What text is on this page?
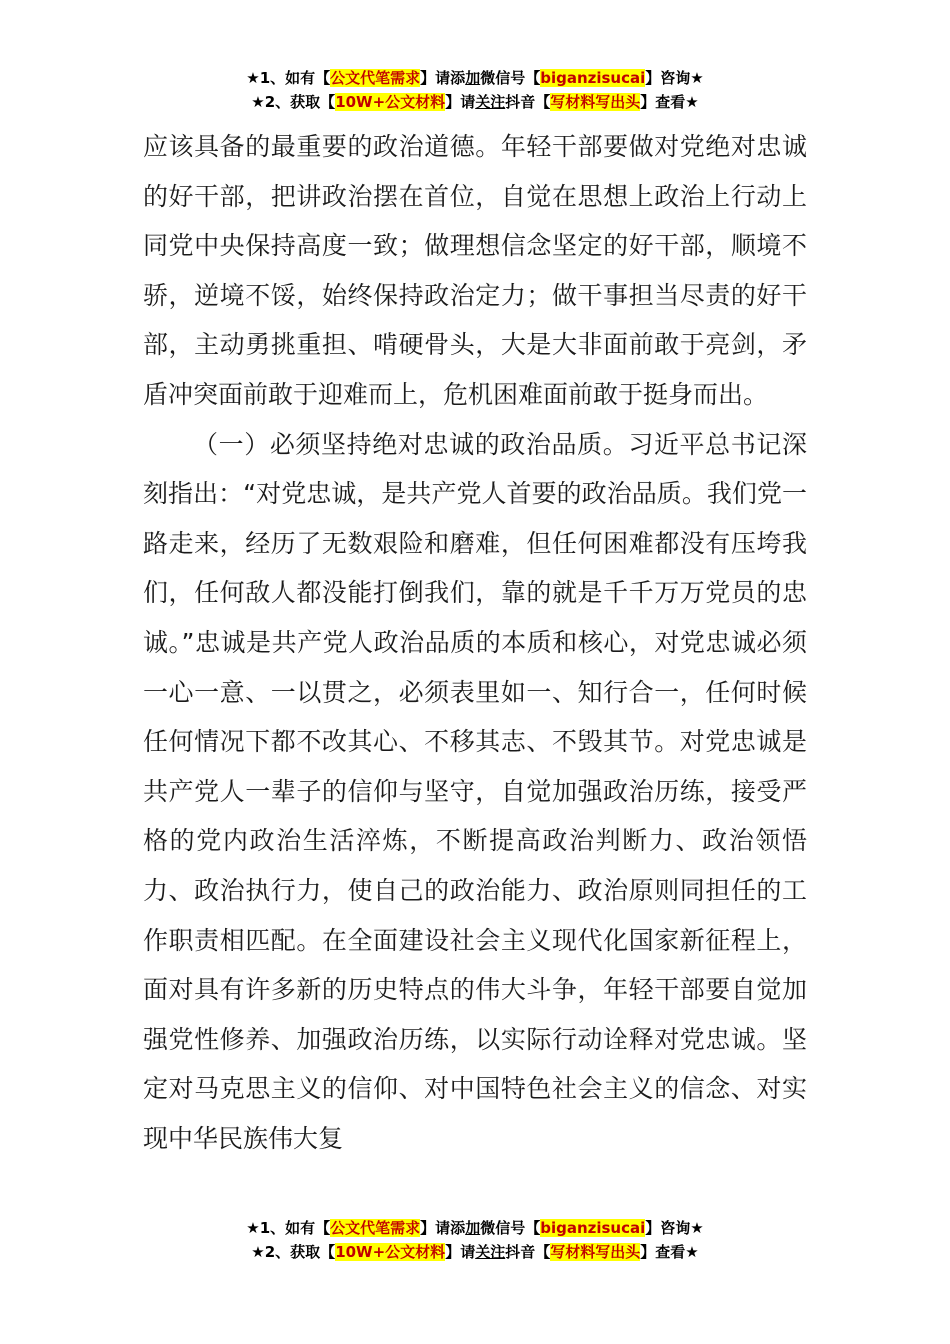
★1、如有【公文代笔需求】请添加微信号【biganzisucai】咨询★
★2、获取【10W+公文材料】请关注抖音【写材料写出头】查看★

应该具备的最重要的政治道德。年轻干部要做对党绝对忠诚的好干部，把讲政治摆在首位，自觉在思想上政治上行动上同党中央保持高度一致；做理想信念坚定的好干部，顺境不骄，逆境不馁，始终保持政治定力；做干事担当尽责的好干部，主动勇挑重担、啃硬骨头，大是大非面前敢于亮剑，矛盾冲突面前敢于迎难而上，危机困难面前敢于挺身而出。

（一）必须坚持绝对忠诚的政治品质。习近平总书记深刻指出：“对党忠诚，是共产党人首要的政治品质。我们党一路走来，经历了无数艰险和磨难，但任何困难都没有压垮我们，任何敌人都没能打倒我们，靠的就是千千万万党员的忠诚。”忠诚是共产党人政治品质的本质和核心，对党忠诚必须一心一意、一以贯之，必须表里如一、知行合一，任何时候任何情况下都不改其心、不移其志、不毁其节。对党忠诚是共产党人一辈子的信仰与坚守，自觉加强政治历练，接受严格的党内政治生活淬炼，不断提高政治判断力、政治领悟力、政治执行力，使自己的政治能力、政治原则同担任的工作职责相匹配。在全面建设社会主义现代化国家新征程上，面对具有许多新的历史特点的伟大斗争，年轻干部要自觉加强党性修养、加强政治历练，以实际行动诠释对党忠诚。坚定对马克思主义的信仰、对中国特色社会主义的信念、对实现中华民族伟大复

★1、如有【公文代笔需求】请添加微信号【biganzisucai】咨询★
★2、获取【10W+公文材料】请关注抖音【写材料写出头】查看★
